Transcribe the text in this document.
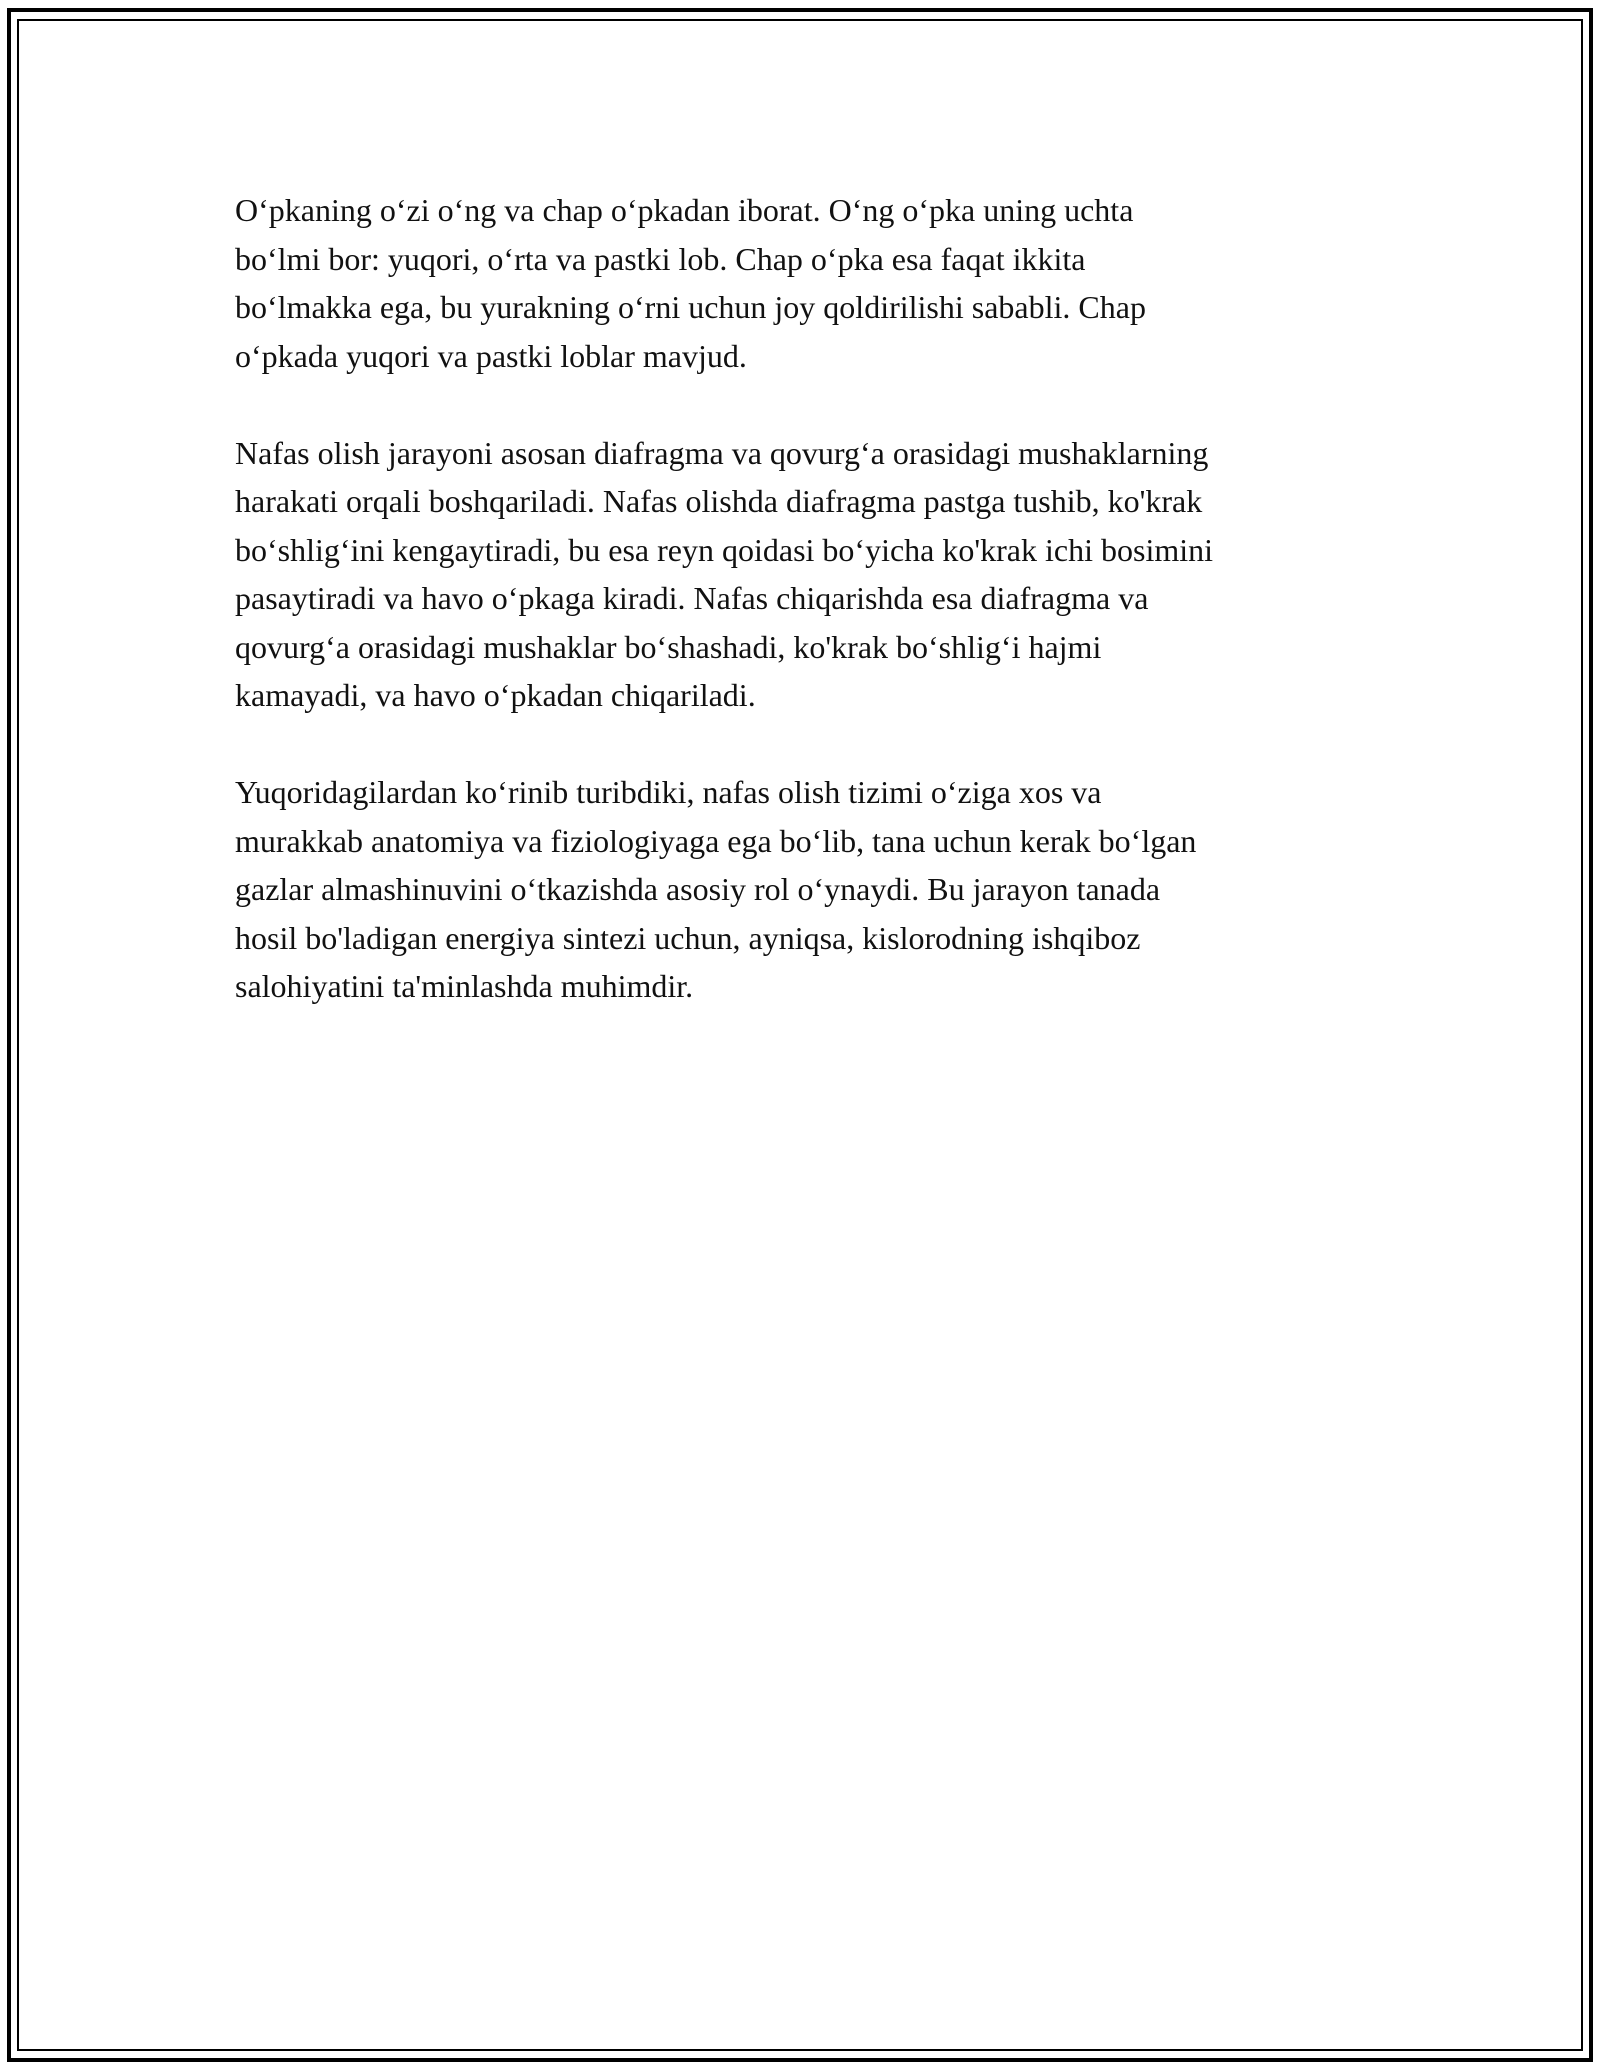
O‘pkaning o‘zi o‘ng va chap o‘pkadan iborat. O‘ng o‘pka uning uchta
bo‘lmi bor: yuqori, o‘rta va pastki lob. Chap o‘pka esa faqat ikkita
bo‘lmakka ega, bu yurakning o‘rni uchun joy qoldirilishi sababli. Chap
o‘pkada yuqori va pastki loblar mavjud.

Nafas olish jarayoni asosan diafragma va qovurg‘a orasidagi mushaklarning
harakati orqali boshqariladi. Nafas olishda diafragma pastga tushib, ko'krak
bo‘shlig‘ini kengaytiradi, bu esa reyn qoidasi bo‘yicha ko'krak ichi bosimini
pasaytiradi va havo o‘pkaga kiradi. Nafas chiqarishda esa diafragma va
qovurg‘a orasidagi mushaklar bo‘shashadi, ko'krak bo‘shlig‘i hajmi
kamayadi, va havo o‘pkadan chiqariladi.

Yuqoridagilardan ko‘rinib turibdiki, nafas olish tizimi o‘ziga xos va
murakkab anatomiya va fiziologiyaga ega bo‘lib, tana uchun kerak bo‘lgan
gazlar almashinuvini o‘tkazishda asosiy rol o‘ynaydi. Bu jarayon tanada
hosil bo'ladigan energiya sintezi uchun, ayniqsa, kislorodning ishqiboz
salohiyatini ta'minlashda muhimdir.
